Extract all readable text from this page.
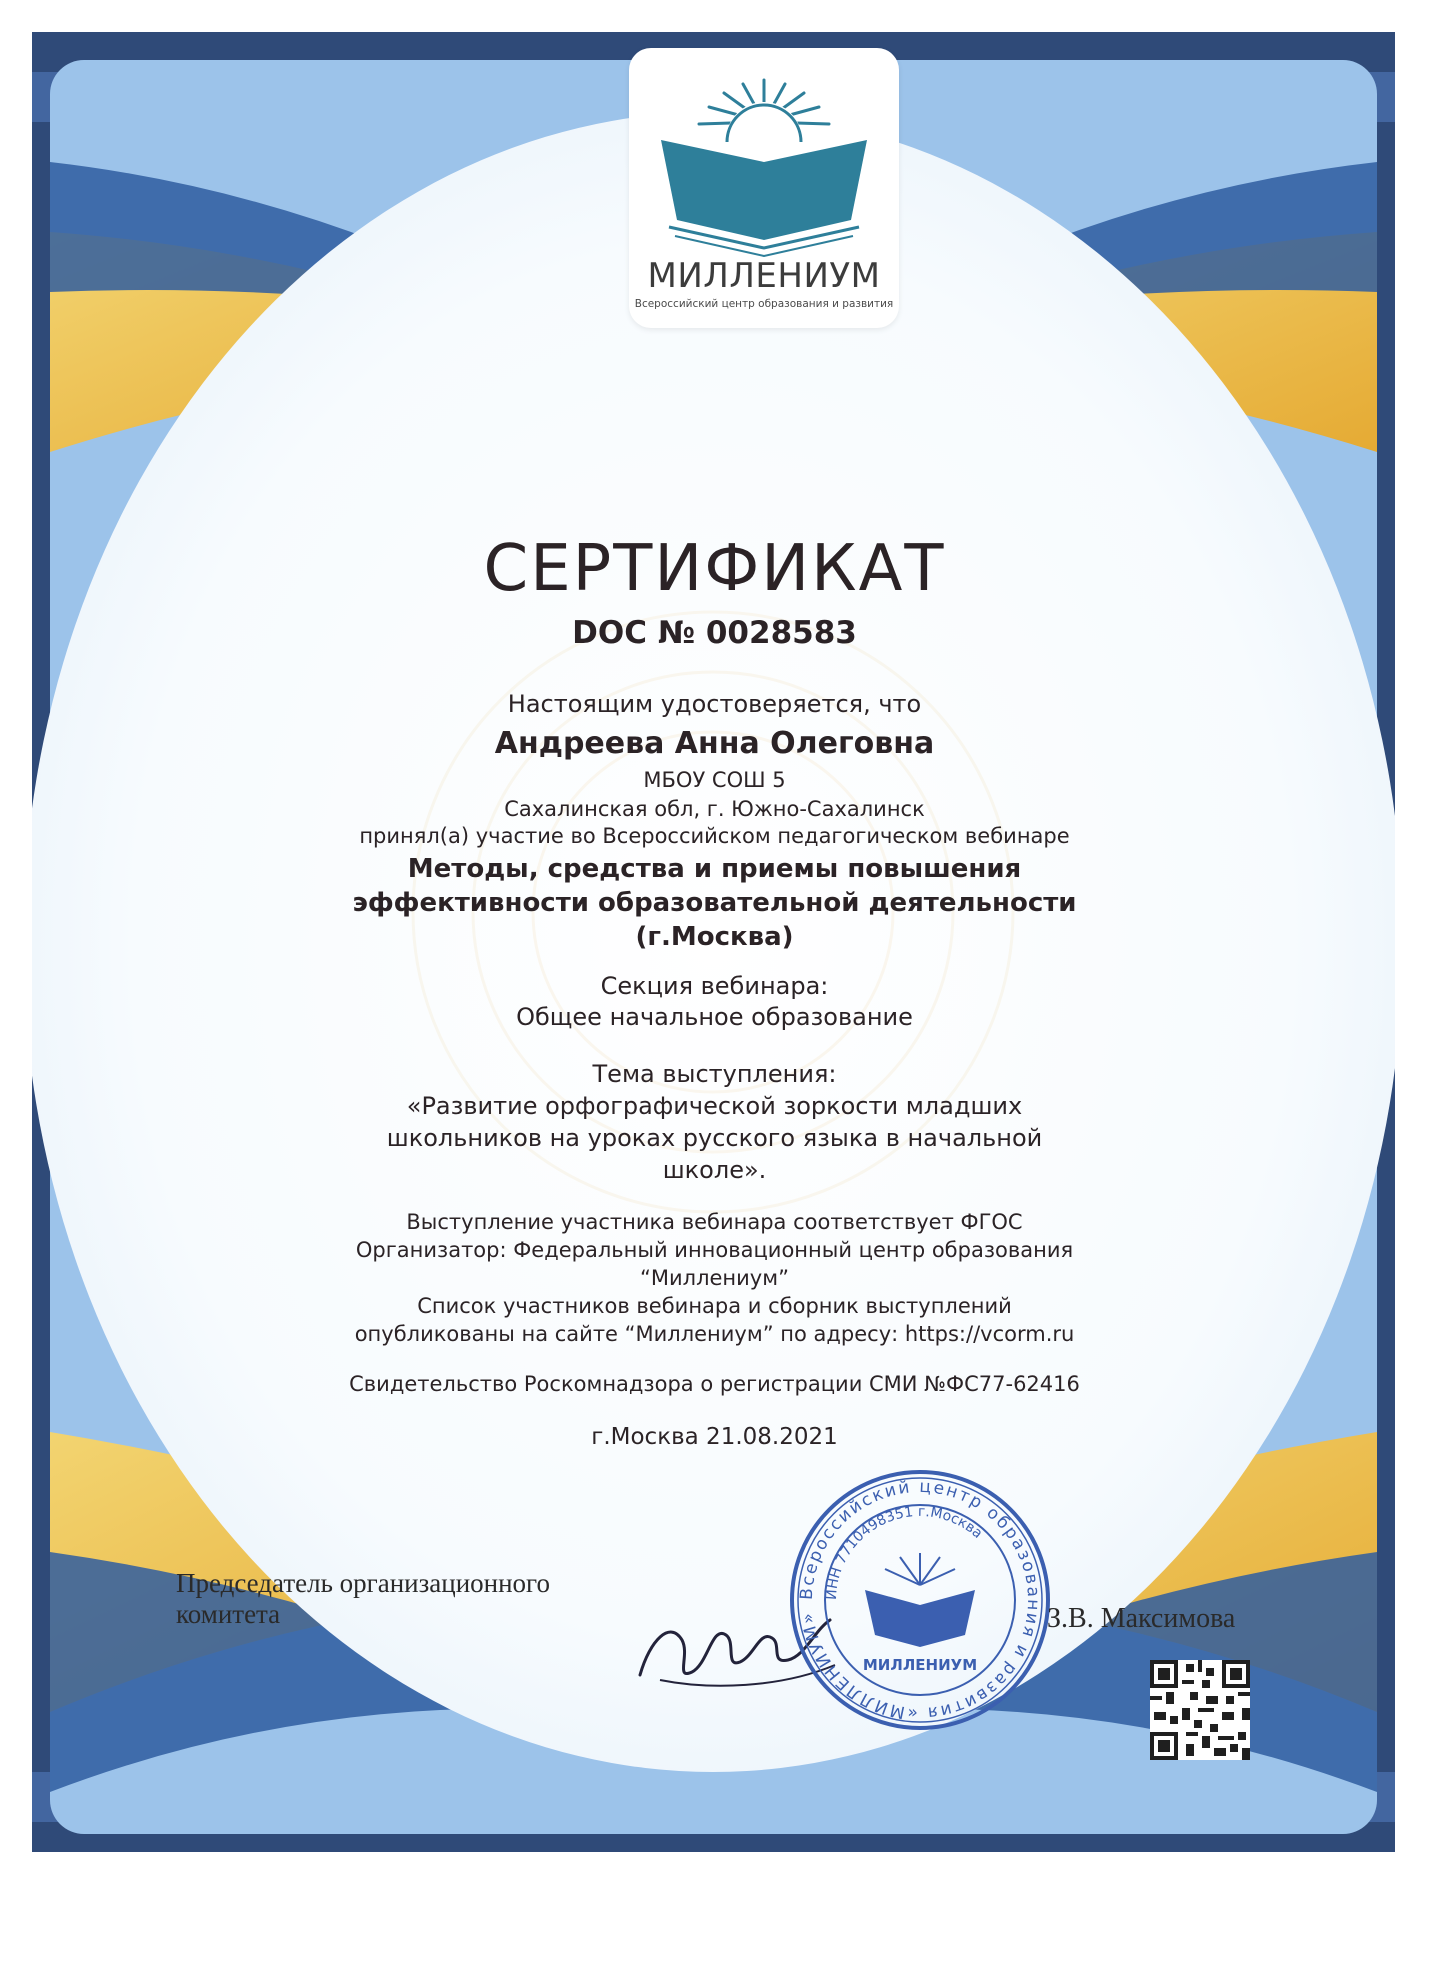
МИЛЛЕНИУМ
Всероссийский центр образования и развития
СЕРТИФИКАТ
DOC № 0028583
Настоящим удостоверяется, что
Андреева Анна Олеговна
МБОУ СОШ 5
Сахалинская обл, г. Южно-Сахалинск
принял(а) участие во Всероссийском педагогическом вебинаре
Методы, средства и приемы повышения
эффективности образовательной деятельности
(г.Москва)
Секция вебинара:
Общее начальное образование
Тема выступления:
«Развитие орфографической зоркости младших
школьников на уроках русского языка в начальной
школе».
Выступление участника вебинара соответствует ФГОС
Организатор: Федеральный инновационный центр образования
“Миллениум”
Список участников вебинара и сборник выступлений
опубликованы на сайте “Миллениум” по адресу: https://vcorm.ru
Свидетельство Роскомнадзора о регистрации СМИ №ФС77-62416
г.Москва 21.08.2021
Председатель организационного
комитета
Всероссийский центр образования и развития «МИЛЛЕНИУМ»
ИНН 7710498351 г.Москва
МИЛЛЕНИУМ
З.В. Максимова
